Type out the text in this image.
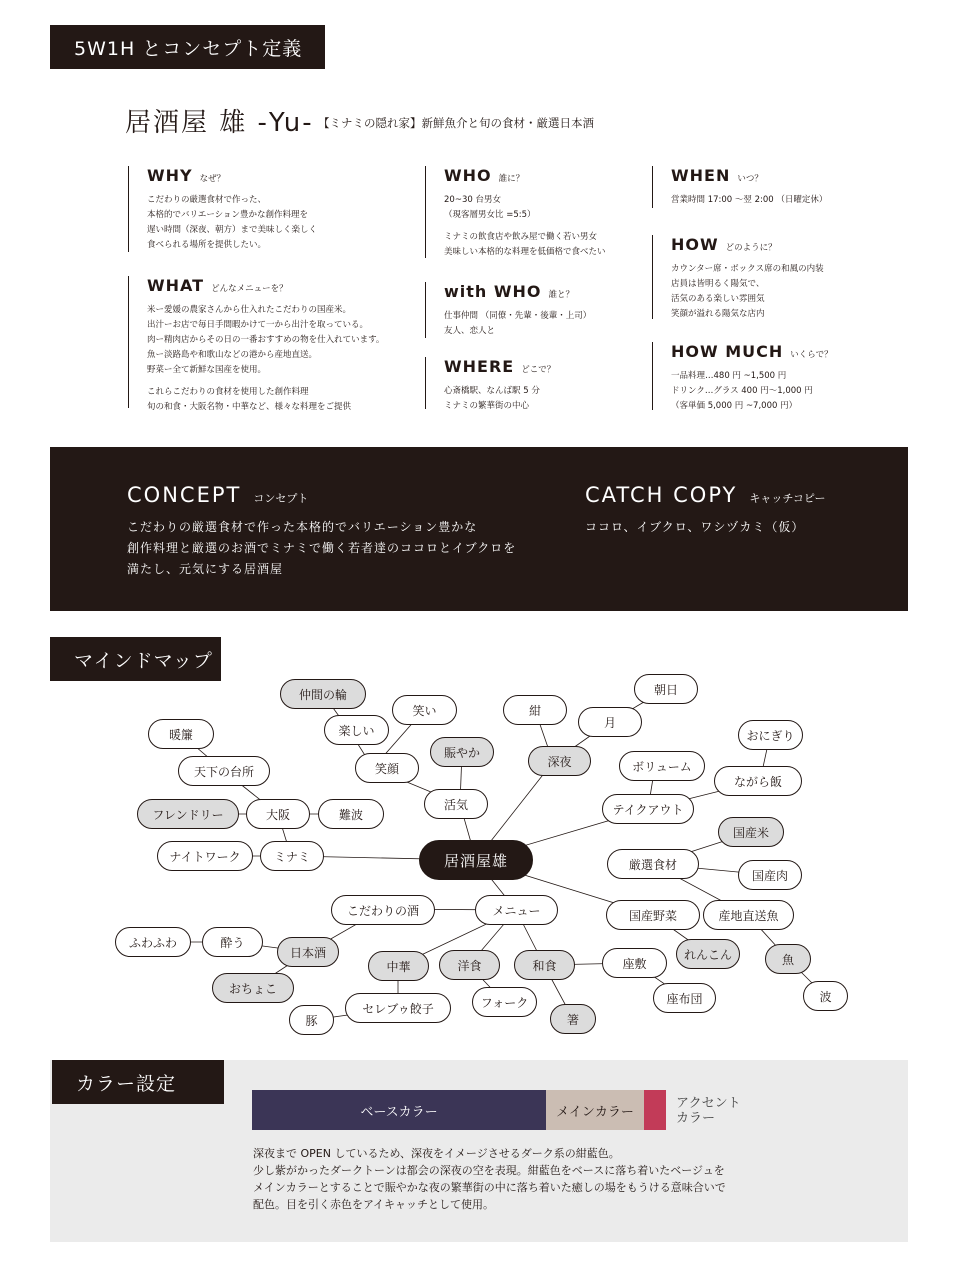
5W1H とコンセプト定義
居酒屋 雄 -Yu- 【ミナミの隠れ家】新鮮魚介と旬の食材・厳選日本酒
WHY なぜ？
こだわりの厳選食材で作った、
本格的でバリエーション豊かな創作料理を
遅い時間（深夜、朝方）まで美味しく楽しく
食べられる場所を提供したい。
WHAT どんなメニューを？
米ー愛媛の農家さんから仕入れたこだわりの国産米。
出汁ーお店で毎日手間暇かけて一から出汁を取っている。
肉ー精肉店からその日の一番おすすめの物を仕入れています。
魚ー淡路島や和歌山などの港から産地直送。
野菜ー全て新鮮な国産を使用。
これらこだわりの食材を使用した創作料理
旬の和食・大阪名物・中華など、様々な料理をご提供
WHO 誰に？
20~30 台男女
（現客層男女比 =5:5）
ミナミの飲食店や飲み屋で働く若い男女
美味しい本格的な料理を低価格で食べたい
with WHO 誰と？
仕事仲間 （同僚・先輩・後輩・上司）
友人、恋人と
WHERE どこで？
心斎橋駅、なんば駅 5 分
ミナミの繁華街の中心
WHEN いつ？
営業時間 17:00 ～翌 2:00 （日曜定休）
HOW どのように？
カウンター席・ボックス席の和風の内装
店員は皆明るく陽気で、
活気のある楽しい雰囲気
笑顔が溢れる陽気な店内
HOW MUCH いくらで？
一品料理…480 円 ~1,500 円
ドリンク…グラス 400 円～1,000 円
（客単価 5,000 円 ~7,000 円）
CONCEPT コンセプト
こだわりの厳選食材で作った本格的でバリエーション豊かな
創作料理と厳選のお酒でミナミで働く若者達のココロとイブクロを
満たし、元気にする居酒屋
CATCH COPY キャッチコピー
ココロ、イブクロ、ワシヅカミ（仮）
マインドマップ
仲間の輪
笑い	紺
朝日
暖簾	楽しい
月
おにぎり
賑やか
深夜
天下の台所	笑顔	ボリューム
ながら飯
フレンドリー	大阪	難波
活気	テイクアウト
国産米
ナイトワーク	ミナミ	居酒屋雄	厳選食材
国産肉
こだわりの酒	メニュー	国産野菜	産地直送魚
ふわふわ	酔う
日本酒	れんこん
中華	洋食	和食	座敷	魚
おちょこ
フォーク	座布団	波
豚
セレブゥ餃子
箸
カラー設定
ベースカラー	メインカラー
アクセント
カラー
深夜まで OPEN しているため、深夜をイメージさせるダーク系の紺藍色。
少し紫がかったダークトーンは都会の深夜の空を表現。紺藍色をベースに落ち着いたベージュを
メインカラーとすることで賑やかな夜の繁華街の中に落ち着いた癒しの場をもうける意味合いで
配色。目を引く赤色をアイキャッチとして使用。
